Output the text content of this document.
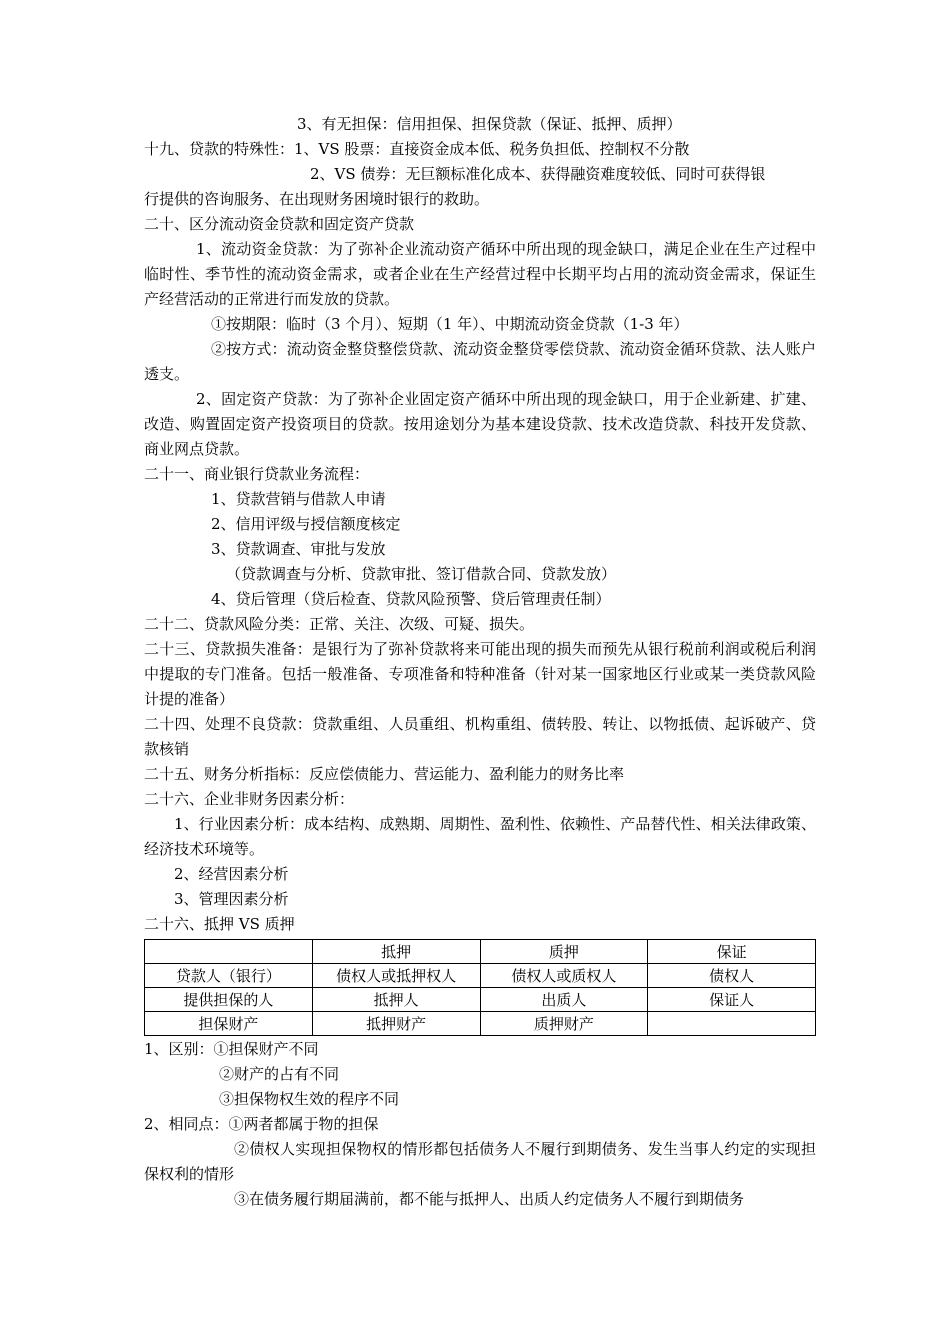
3、有无担保：信用担保、担保贷款（保证、抵押、质押）
十九、贷款的特殊性：1、VS 股票：直接资金成本低、税务负担低、控制权不分散
2、VS 债券：无巨额标准化成本、获得融资难度较低、同时可获得银
行提供的咨询服务、在出现财务困境时银行的救助。
二十、区分流动资金贷款和固定资产贷款
1、流动资金贷款：为了弥补企业流动资产循环中所出现的现金缺口，满足企业在生产过程中临时性、季节性的流动资金需求，或者企业在生产经营过程中长期平均占用的流动资金需求，保证生产经营活动的正常进行而发放的贷款。
①按期限：临时（3 个月）、短期（1 年）、中期流动资金贷款（1-3 年）
②按方式：流动资金整贷整偿贷款、流动资金整贷零偿贷款、流动资金循环贷款、法人账户透支。
2、固定资产贷款：为了弥补企业固定资产循环中所出现的现金缺口，用于企业新建、扩建、改造、购置固定资产投资项目的贷款。按用途划分为基本建设贷款、技术改造贷款、科技开发贷款、商业网点贷款。
二十一、商业银行贷款业务流程：
1、贷款营销与借款人申请
2、信用评级与授信额度核定
3、贷款调查、审批与发放
（贷款调查与分析、贷款审批、签订借款合同、贷款发放）
4、贷后管理（贷后检查、贷款风险预警、贷后管理责任制）
二十二、贷款风险分类：正常、关注、次级、可疑、损失。
二十三、贷款损失准备：是银行为了弥补贷款将来可能出现的损失而预先从银行税前利润或税后利润中提取的专门准备。包括一般准备、专项准备和特种准备（针对某一国家地区行业或某一类贷款风险计提的准备）
二十四、处理不良贷款：贷款重组、人员重组、机构重组、债转股、转让、以物抵债、起诉破产、贷款核销
二十五、财务分析指标：反应偿债能力、营运能力、盈利能力的财务比率
二十六、企业非财务因素分析：
1、行业因素分析：成本结构、成熟期、周期性、盈利性、依赖性、产品替代性、相关法律政策、经济技术环境等。
2、经营因素分析
3、管理因素分析
二十六、抵押 VS 质押
	抵押	质押	保证
贷款人（银行）	债权人或抵押权人	债权人或质权人	债权人
提供担保的人	抵押人	出质人	保证人
担保财产	抵押财产	质押财产	
1、区别：①担保财产不同
②财产的占有不同
③担保物权生效的程序不同
2、相同点：①两者都属于物的担保
②债权人实现担保物权的情形都包括债务人不履行到期债务、发生当事人约定的实现担保权利的情形
③在债务履行期届满前，都不能与抵押人、出质人约定债务人不履行到期债务
